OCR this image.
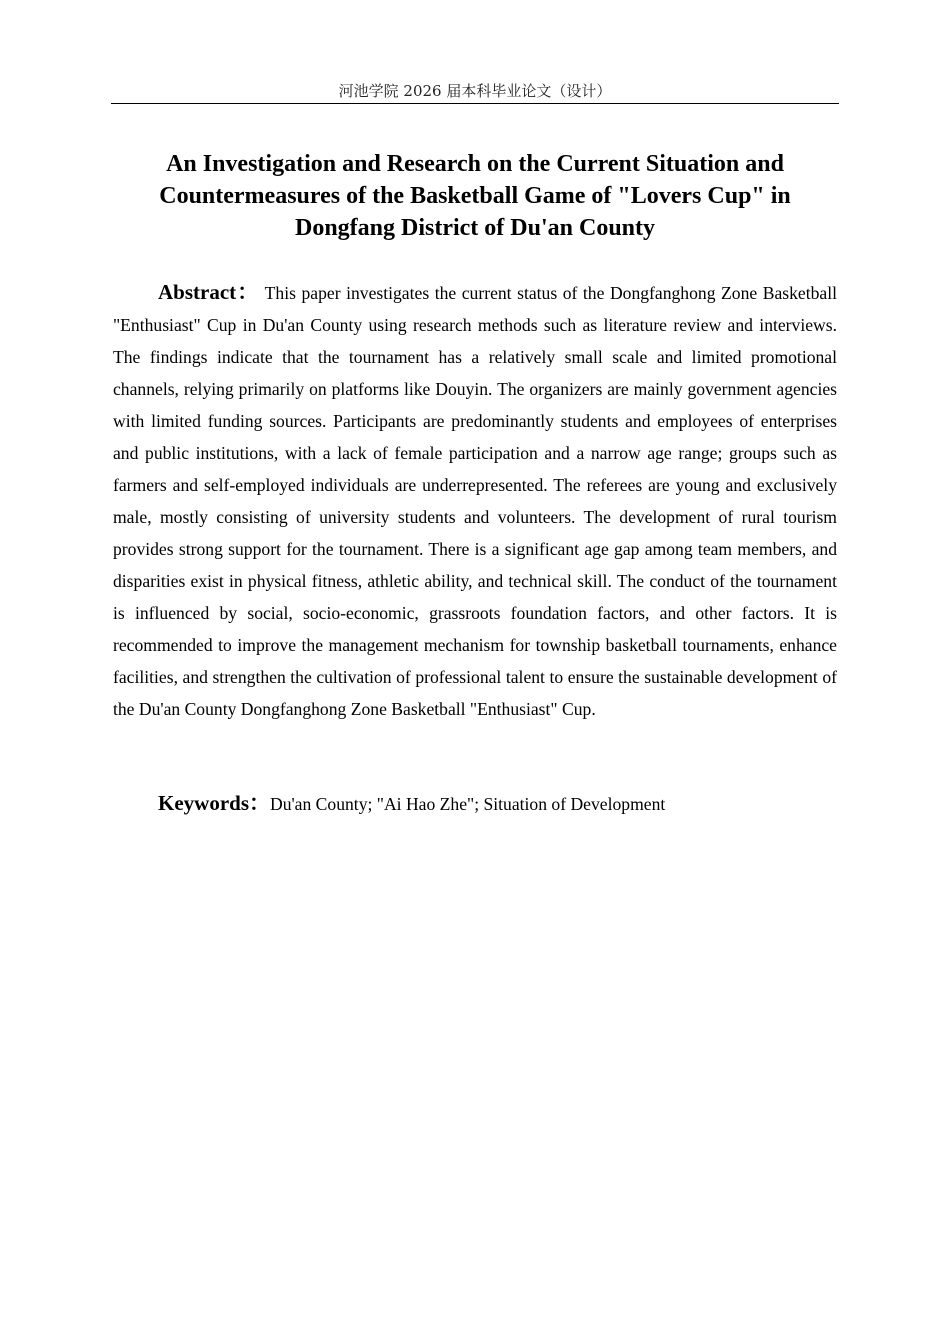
河池学院 2026 届本科毕业论文（设计）
An Investigation and Research on the Current Situation and
Countermeasures of the Basketball Game of "Lovers Cup" in
Dongfang District of Du'an County

Abstract： This paper investigates the current status of the Dongfanghong Zone Basketball "Enthusiast" Cup in Du'an County using research methods such as literature review and interviews. The findings indicate that the tournament has a relatively small scale and limited promotional channels, relying primarily on platforms like Douyin. The organizers are mainly government agencies with limited funding sources. Participants are predominantly students and employees of enterprises and public institutions, with a lack of female participation and a narrow age range; groups such as farmers and self-employed individuals are underrepresented. The referees are young and exclusively male, mostly consisting of university students and volunteers. The development of rural tourism provides strong support for the tournament. There is a significant age gap among team members, and disparities exist in physical fitness, athletic ability, and technical skill. The conduct of the tournament is influenced by social, socio-economic, grassroots foundation factors, and other factors. It is recommended to improve the management mechanism for township basketball tournaments, enhance facilities, and strengthen the cultivation of professional talent to ensure the sustainable development of the Du'an County Dongfanghong Zone Basketball "Enthusiast" Cup.

Keywords：Du'an County; "Ai Hao Zhe"; Situation of Development
